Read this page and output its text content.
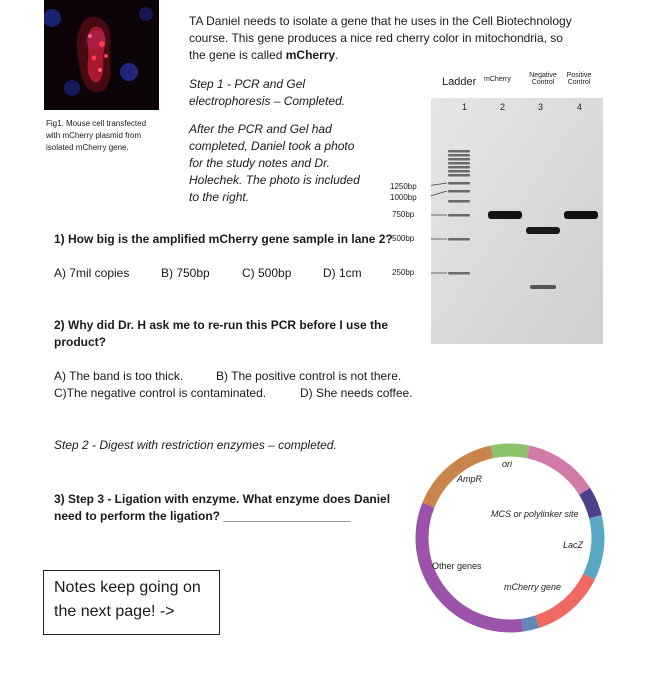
Fig1. Mouse cell transfected
with mCherry plasmid from
isolated mCherry gene.
TA Daniel needs to isolate a gene that he uses in the Cell Biotechnology
course. This gene produces a nice red cherry color in mitochondria, so
the gene is called mCherry.
Step 1 - PCR and Gel
electrophoresis – Completed.
After the PCR and Gel had
completed, Daniel took a photo
for the study notes and Dr.
Holechek. The photo is included
to the right.
1) How big is the amplified mCherry gene sample in lane 2?
A) 7mil copies	B) 750bp	C) 500bp	D) 1cm
2) Why did Dr. H ask me to re-run this PCR before I use the
product?
A) The band is too thick.	B) The positive control is not there.
C)The negative control is contaminated.	D) She needs coffee.
Step 2 - Digest with restriction enzymes – completed.
3) Step 3 - Ligation with enzyme. What enzyme does Daniel
need to perform the ligation? ___________________
Notes keep going on
the next page! ->
Ladder mCherry
Negative
Control
Positive
Control
1250bp
1000bp
750bp
500bp
250bp
1	2	3	4
ori
AmpR
MCS or polylinker site
LacZ
Other genes
mCherry gene
